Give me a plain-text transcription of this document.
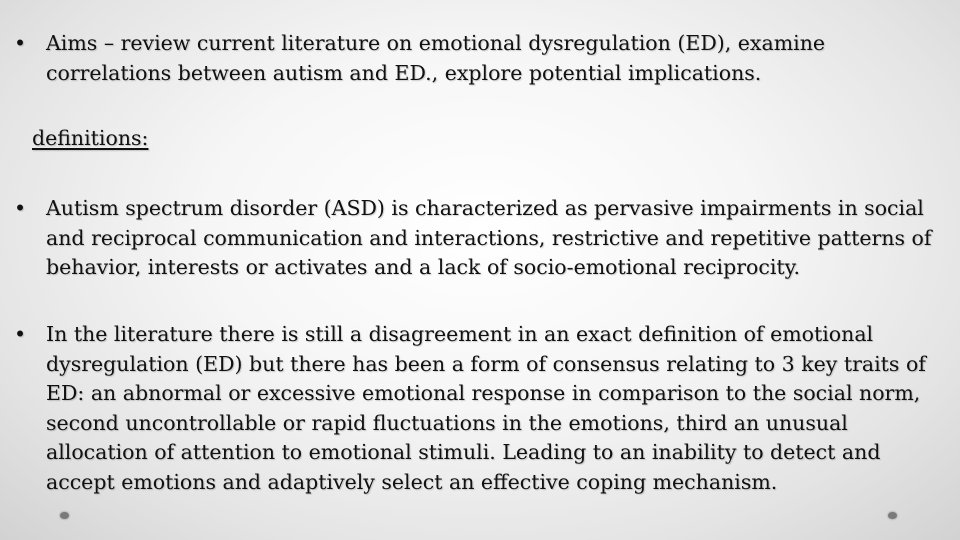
• Aims – review current literature on emotional dysregulation (ED), examine correlations between autism and ED., explore potential implications.
definitions:
• Autism spectrum disorder (ASD) is characterized as pervasive impairments in social and reciprocal communication and interactions, restrictive and repetitive patterns of behavior, interests or activates and a lack of socio-emotional reciprocity.
• In the literature there is still a disagreement in an exact definition of emotional dysregulation (ED) but there has been a form of consensus relating to 3 key traits of ED: an abnormal or excessive emotional response in comparison to the social norm, second uncontrollable or rapid fluctuations in the emotions, third an unusual allocation of attention to emotional stimuli. Leading to an inability to detect and accept emotions and adaptively select an effective coping mechanism.
